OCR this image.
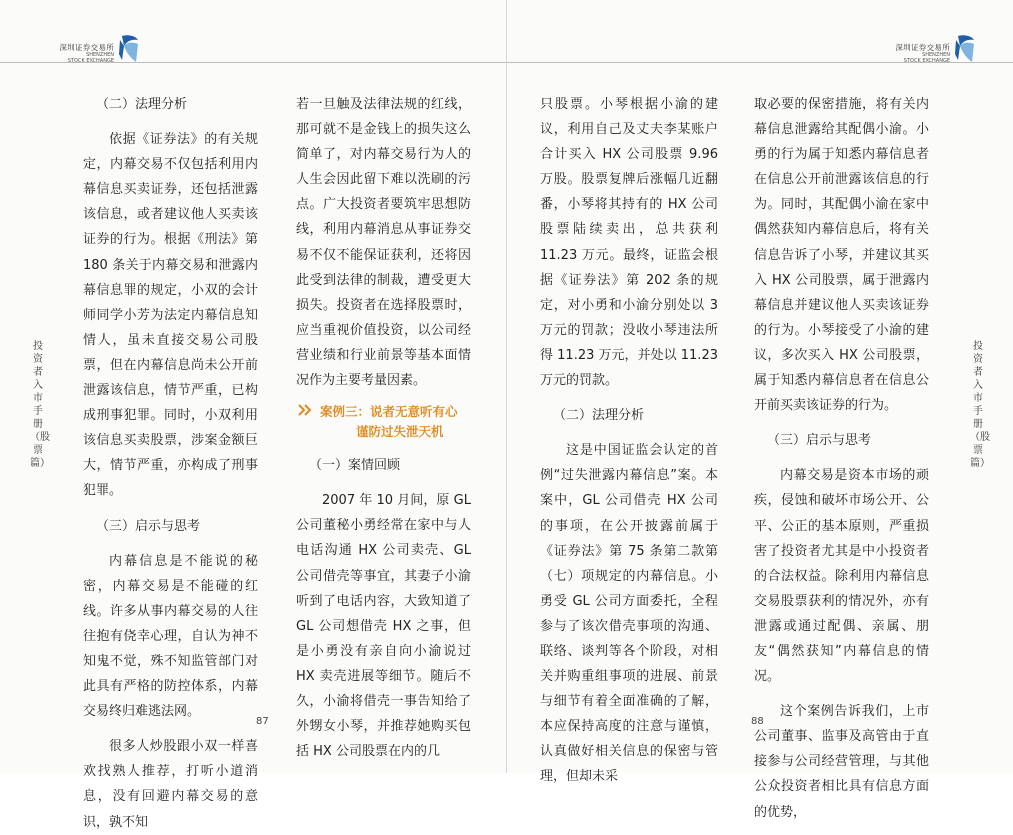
深圳证券交易所
SHENZHEN
STOCK EXCHANGE
投资者入市手册（股票篇）

（二）法理分析

依据《证券法》的有关规定，内幕交易不仅包括利用内幕信息买卖证券，还包括泄露该信息，或者建议他人买卖该证券的行为。根据《刑法》第 180 条关于内幕交易和泄露内幕信息罪的规定，小双的会计师同学小芳为法定内幕信息知情人，虽未直接交易公司股票，但在内幕信息尚未公开前泄露该信息，情节严重，已构成刑事犯罪。同时，小双利用该信息买卖股票，涉案金额巨大，情节严重，亦构成了刑事犯罪。

（三）启示与思考

内幕信息是不能说的秘密，内幕交易是不能碰的红线。许多从事内幕交易的人往往抱有侥幸心理，自认为神不知鬼不觉，殊不知监管部门对此具有严格的防控体系，内幕交易终归难逃法网。

很多人炒股跟小双一样喜欢找熟人推荐，打听小道消息，没有回避内幕交易的意识，孰不知

若一旦触及法律法规的红线，那可就不是金钱上的损失这么简单了，对内幕交易行为人的人生会因此留下难以洗刷的污点。广大投资者要筑牢思想防线，利用内幕消息从事证券交易不仅不能保证获利，还将因此受到法律的制裁，遭受更大损失。投资者在选择股票时，应当重视价值投资，以公司经营业绩和行业前景等基本面情况作为主要考量因素。

案例三：说者无意听有心
谨防过失泄天机

（一）案情回顾

2007 年 10 月间，原 GL 公司董秘小勇经常在家中与人电话沟通 HX 公司卖壳、GL 公司借壳等事宜，其妻子小渝听到了电话内容，大致知道了 GL 公司想借壳 HX 之事，但是小勇没有亲自向小渝说过 HX 卖壳进展等细节。随后不久，小渝将借壳一事告知给了外甥女小琴，并推荐她购买包括 HX 公司股票在内的几

87
深圳证券交易所
SHENZHEN
STOCK EXCHANGE
投资者入市手册（股票篇）

只股票。小琴根据小渝的建议，利用自己及丈夫李某账户合计买入 HX 公司股票 9.96 万股。股票复牌后涨幅几近翻番，小琴将其持有的 HX 公司股票陆续卖出，总共获利 11.23 万元。最终，证监会根据《证券法》第 202 条的规定，对小勇和小渝分别处以 3 万元的罚款；没收小琴违法所得 11.23 万元，并处以 11.23 万元的罚款。

（二）法理分析

这是中国证监会认定的首例“过失泄露内幕信息”案。本案中，GL 公司借壳 HX 公司的事项，在公开披露前属于《证券法》第 75 条第二款第（七）项规定的内幕信息。小勇受 GL 公司方面委托，全程参与了该次借壳事项的沟通、联络、谈判等各个阶段，对相关并购重组事项的进展、前景与细节有着全面准确的了解，本应保持高度的注意与谨慎，认真做好相关信息的保密与管理，但却未采

取必要的保密措施，将有关内幕信息泄露给其配偶小渝。小勇的行为属于知悉内幕信息者在信息公开前泄露该信息的行为。同时，其配偶小渝在家中偶然获知内幕信息后，将有关信息告诉了小琴，并建议其买入 HX 公司股票，属于泄露内幕信息并建议他人买卖该证券的行为。小琴接受了小渝的建议，多次买入 HX 公司股票，属于知悉内幕信息者在信息公开前买卖该证券的行为。

（三）启示与思考

内幕交易是资本市场的顽疾，侵蚀和破坏市场公开、公平、公正的基本原则，严重损害了投资者尤其是中小投资者的合法权益。除利用内幕信息交易股票获利的情况外，亦有泄露或通过配偶、亲属、朋友“偶然获知”内幕信息的情况。

这个案例告诉我们，上市公司董事、监事及高管由于直接参与公司经营管理，与其他公众投资者相比具有信息方面的优势，

88
